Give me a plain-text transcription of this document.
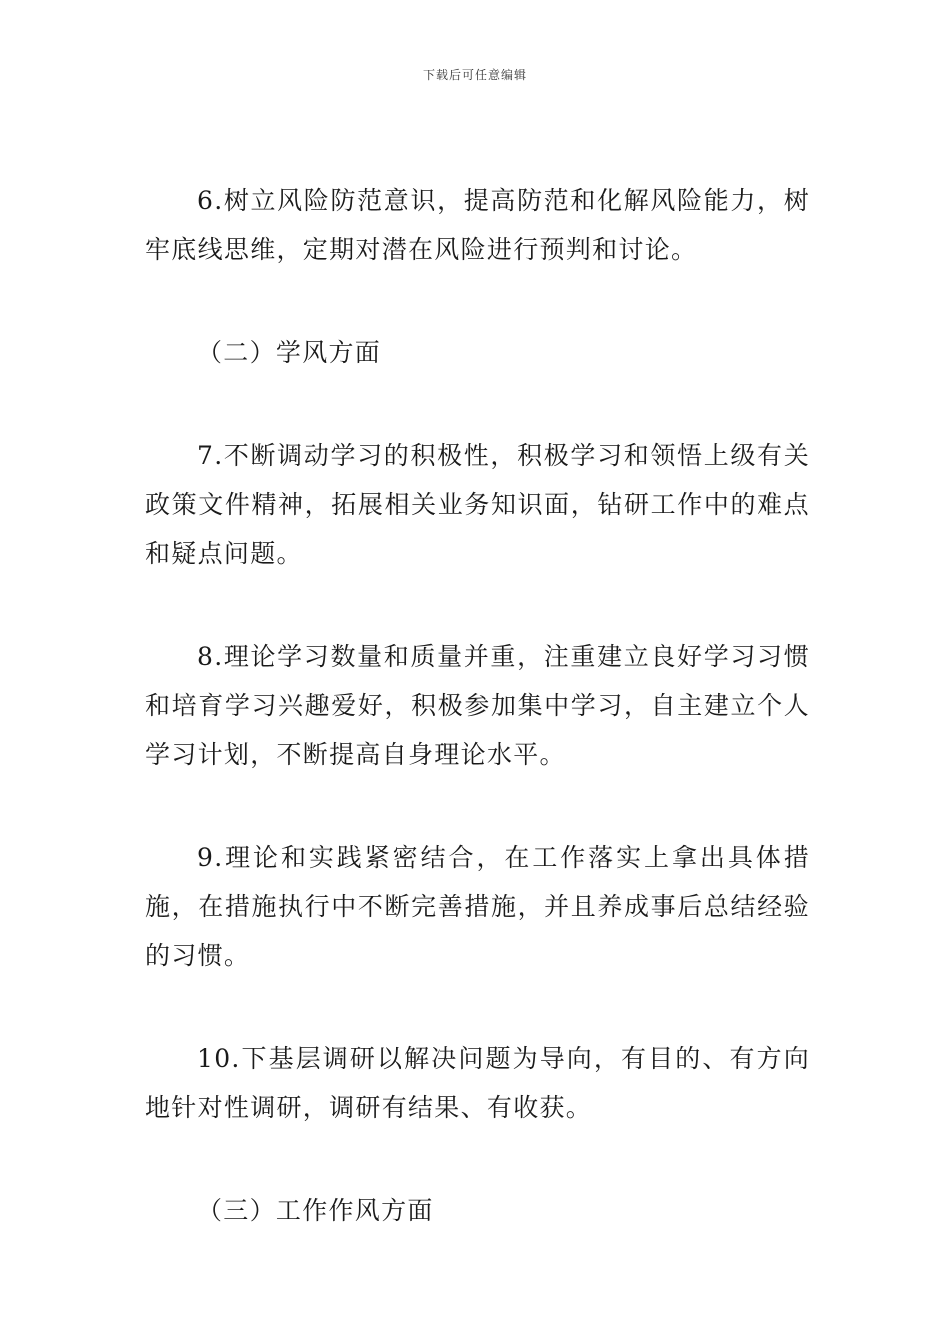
下载后可任意编辑

6.树立风险防范意识，提高防范和化解风险能力，树牢底线思维，定期对潜在风险进行预判和讨论。

（二）学风方面

7.不断调动学习的积极性，积极学习和领悟上级有关政策文件精神，拓展相关业务知识面，钻研工作中的难点和疑点问题。

8.理论学习数量和质量并重，注重建立良好学习习惯和培育学习兴趣爱好，积极参加集中学习，自主建立个人学习计划，不断提高自身理论水平。

9.理论和实践紧密结合，在工作落实上拿出具体措施，在措施执行中不断完善措施，并且养成事后总结经验的习惯。

10.下基层调研以解决问题为导向，有目的、有方向地针对性调研，调研有结果、有收获。

（三）工作作风方面
